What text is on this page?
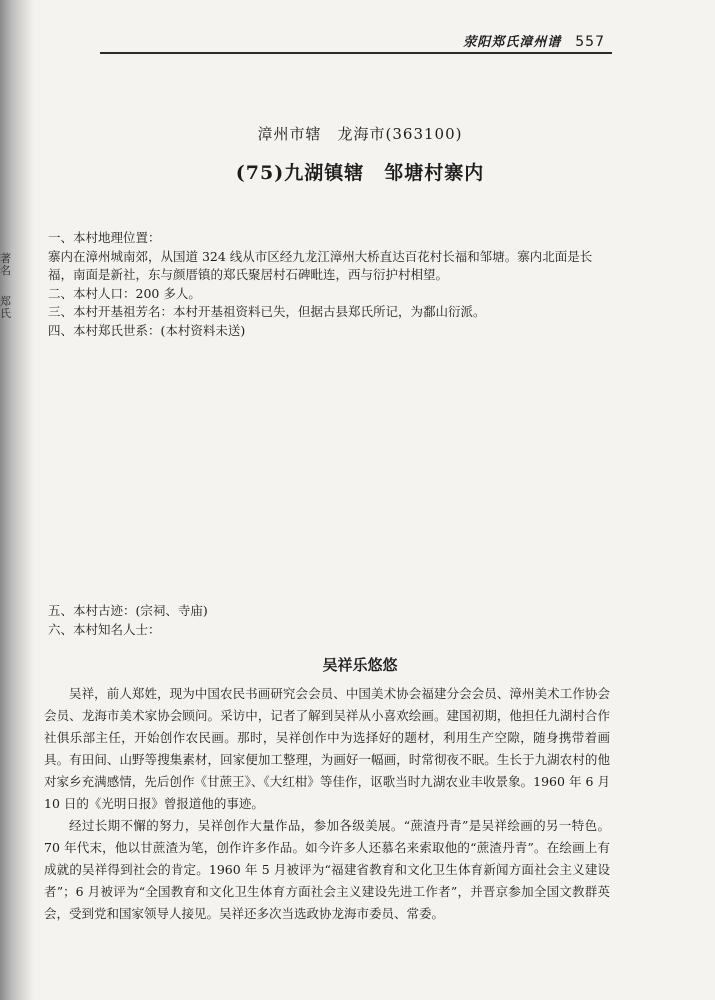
著名
郑氏
荥阳郑氏漳州谱 557
漳州市辖　龙海市(363100)
(75)九湖镇辖　邹塘村寨内

一、本村地理位置：

寨内在漳州城南郊，从国道 324 线从市区经九龙江漳州大桥直达百花村长福和邹塘。寨内北面是长

福，南面是新社，东与颜厝镇的郑氏聚居村石碑毗连，西与衍护村相望。

二、本村人口：200 多人。

三、本村开基祖芳名：本村开基祖资料已失，但据古县郑氏所记，为鄱山衍派。

四、本村郑氏世系：(本村资料未送)

五、本村古迹：(宗祠、寺庙)

六、本村知名人士：

吴祥乐悠悠

吴祥，前人郑姓，现为中国农民书画研究会会员、中国美术协会福建分会会员、漳州美术工作协会会员、龙海市美术家协会顾问。采访中，记者了解到吴祥从小喜欢绘画。建国初期，他担任九湖村合作社俱乐部主任，开始创作农民画。那时，吴祥创作中为选择好的题材，利用生产空隙，随身携带着画具。有田间、山野等搜集素材，回家便加工整理，为画好一幅画，时常彻夜不眠。生长于九湖农村的他对家乡充满感情，先后创作《甘蔗王》、《大红柑》等佳作，讴歌当时九湖农业丰收景象。1960 年 6 月 10 日的《光明日报》曾报道他的事迹。

经过长期不懈的努力，吴祥创作大量作品，参加各级美展。“蔗渣丹青”是吴祥绘画的另一特色。70 年代末，他以甘蔗渣为笔，创作许多作品。如今许多人还慕名来索取他的“蔗渣丹青”。在绘画上有成就的吴祥得到社会的肯定。1960 年 5 月被评为“福建省教育和文化卫生体育新闻方面社会主义建设者”；6 月被评为“全国教育和文化卫生体育方面社会主义建设先进工作者”，并晋京参加全国文教群英会，受到党和国家领导人接见。吴祥还多次当选政协龙海市委员、常委。
